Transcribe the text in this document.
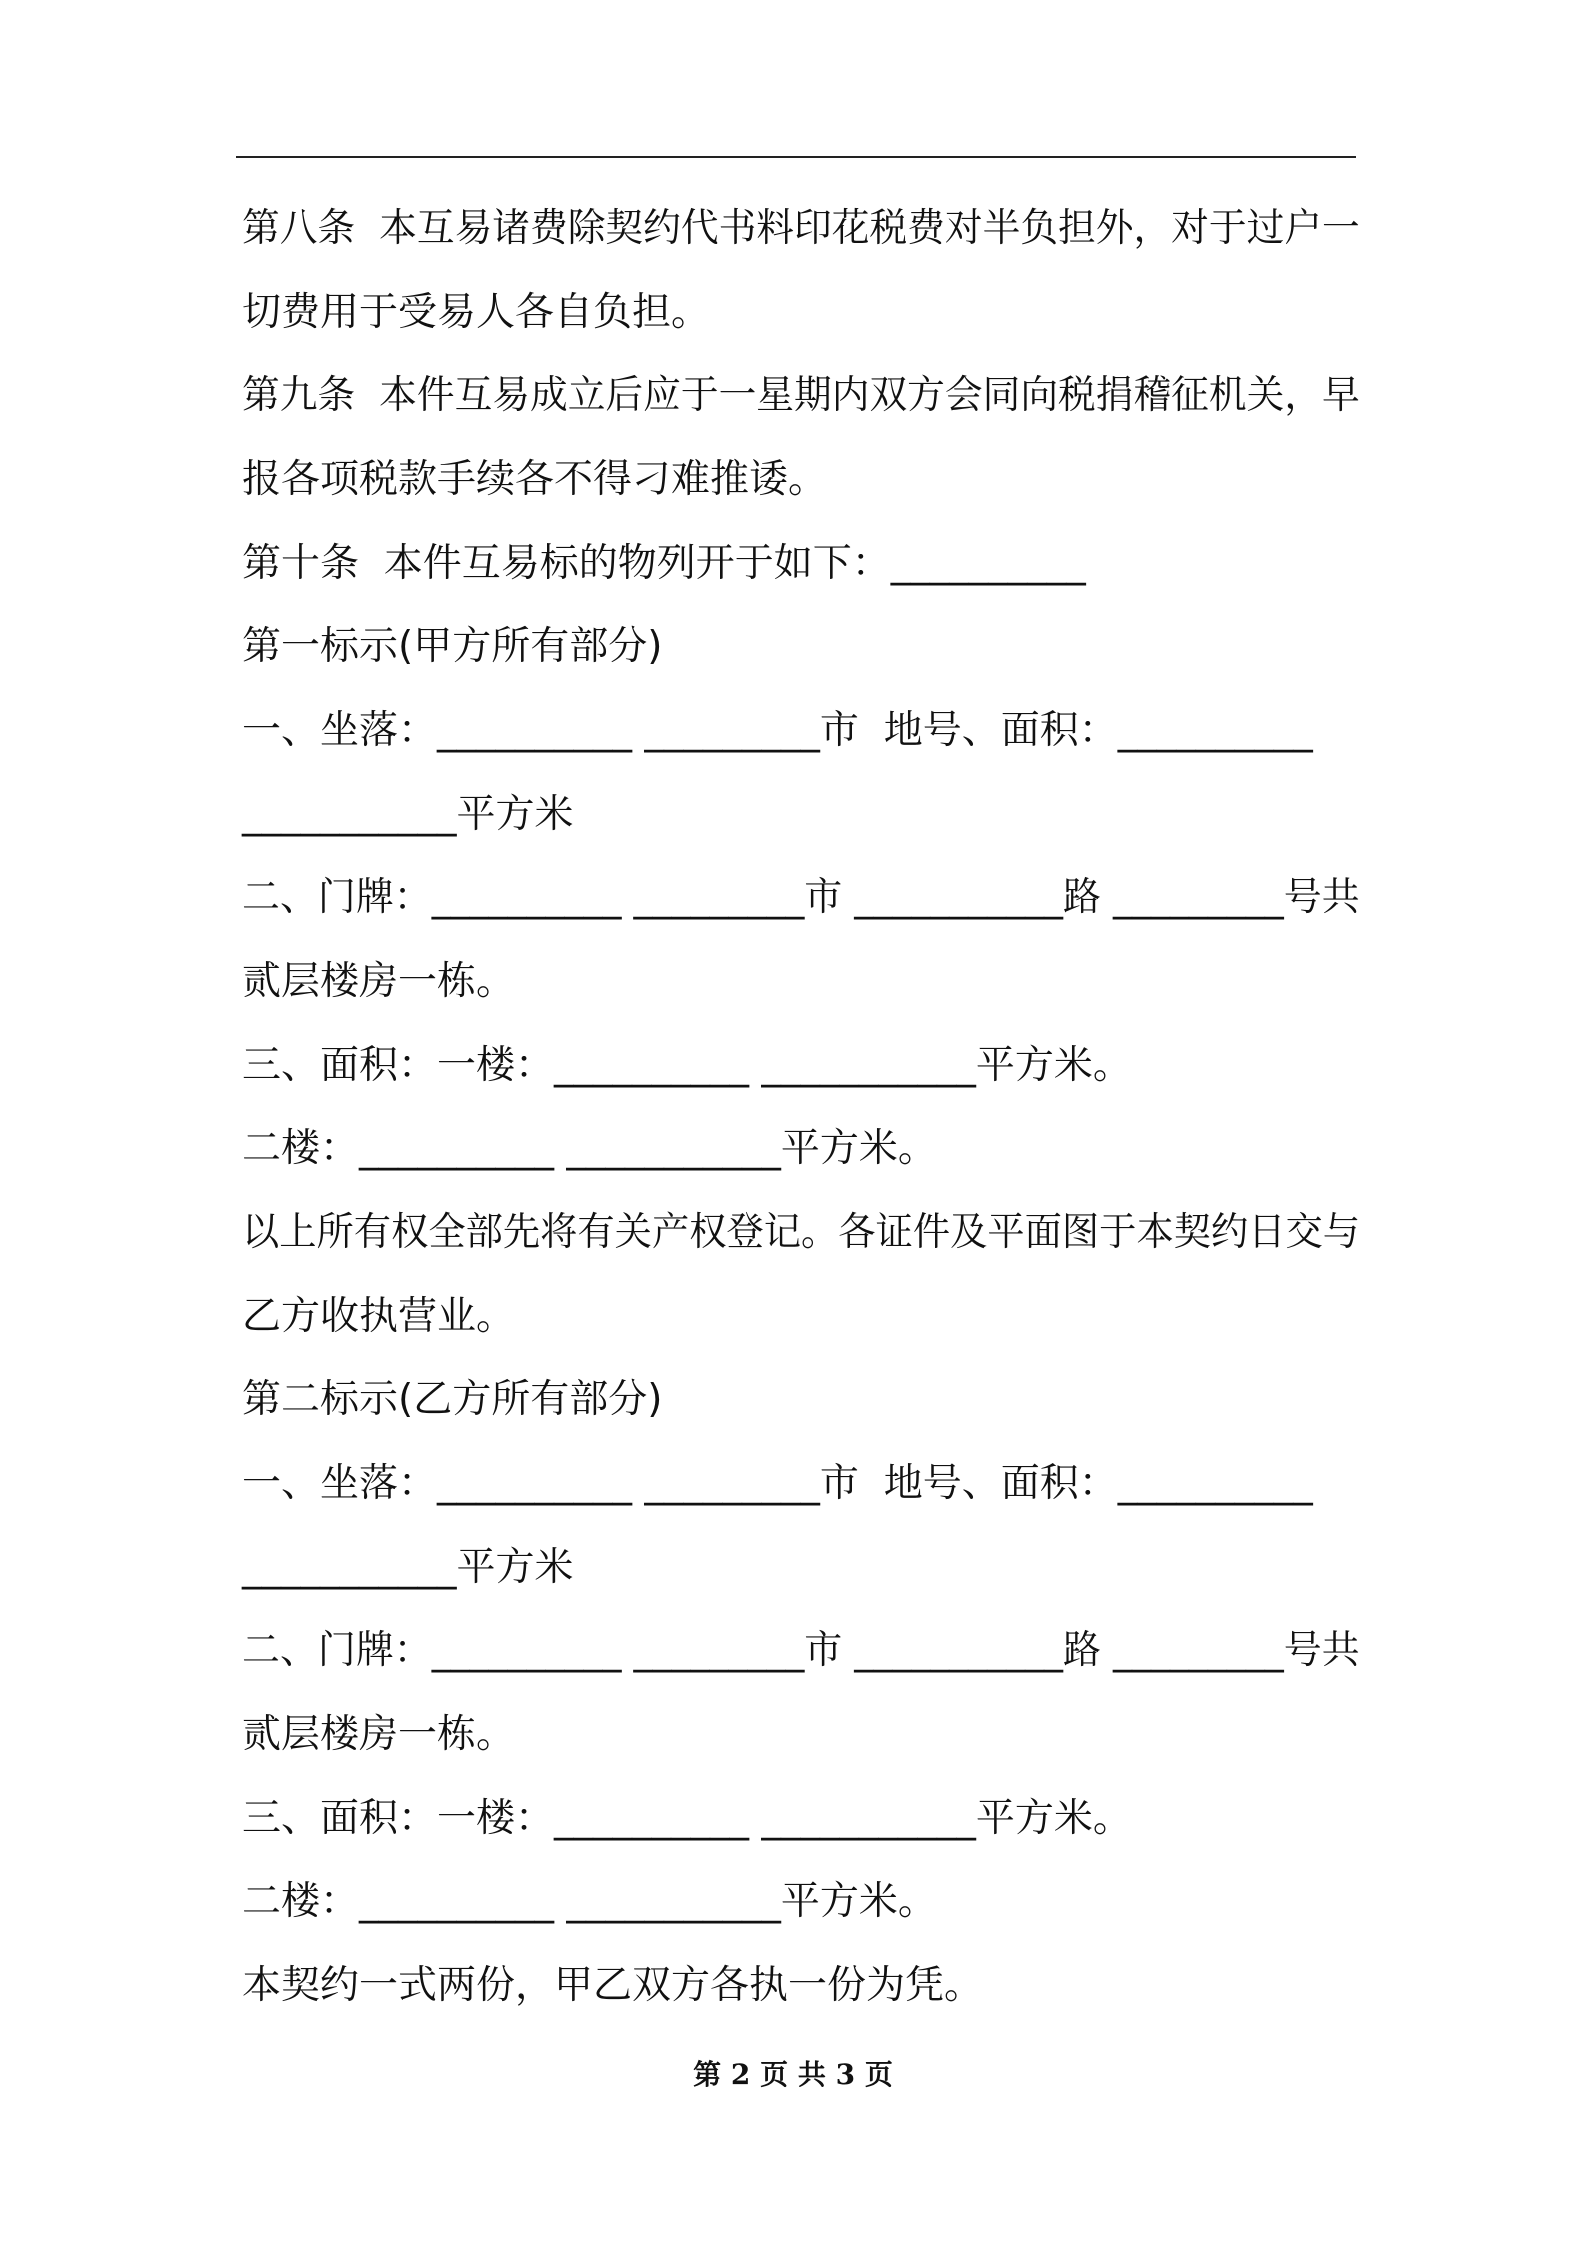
第八条  本互易诸费除契约代书料印花税费对半负担外，对于过户一

切费用于受易人各自负担。

第九条  本件互易成立后应于一星期内双方会同向税捐稽征机关，早

报各项税款手续各不得刁难推诿。

第十条  本件互易标的物列开于如下：__________

第一标示(甲方所有部分)

一、坐落：__________ _________市  地号、面积：__________

___________平方米

二、门牌：__________ _________市 ___________路 _________号共

贰层楼房一栋。

三、面积：一楼：__________ ___________平方米。

二楼：__________ ___________平方米。

以上所有权全部先将有关产权登记。各证件及平面图于本契约日交与

乙方收执营业。

第二标示(乙方所有部分)

一、坐落：__________ _________市  地号、面积：__________

___________平方米

二、门牌：__________ _________市 ___________路 _________号共

贰层楼房一栋。

三、面积：一楼：__________ ___________平方米。

二楼：__________ ___________平方米。

本契约一式两份，甲乙双方各执一份为凭。

第 2 页 共 3 页
